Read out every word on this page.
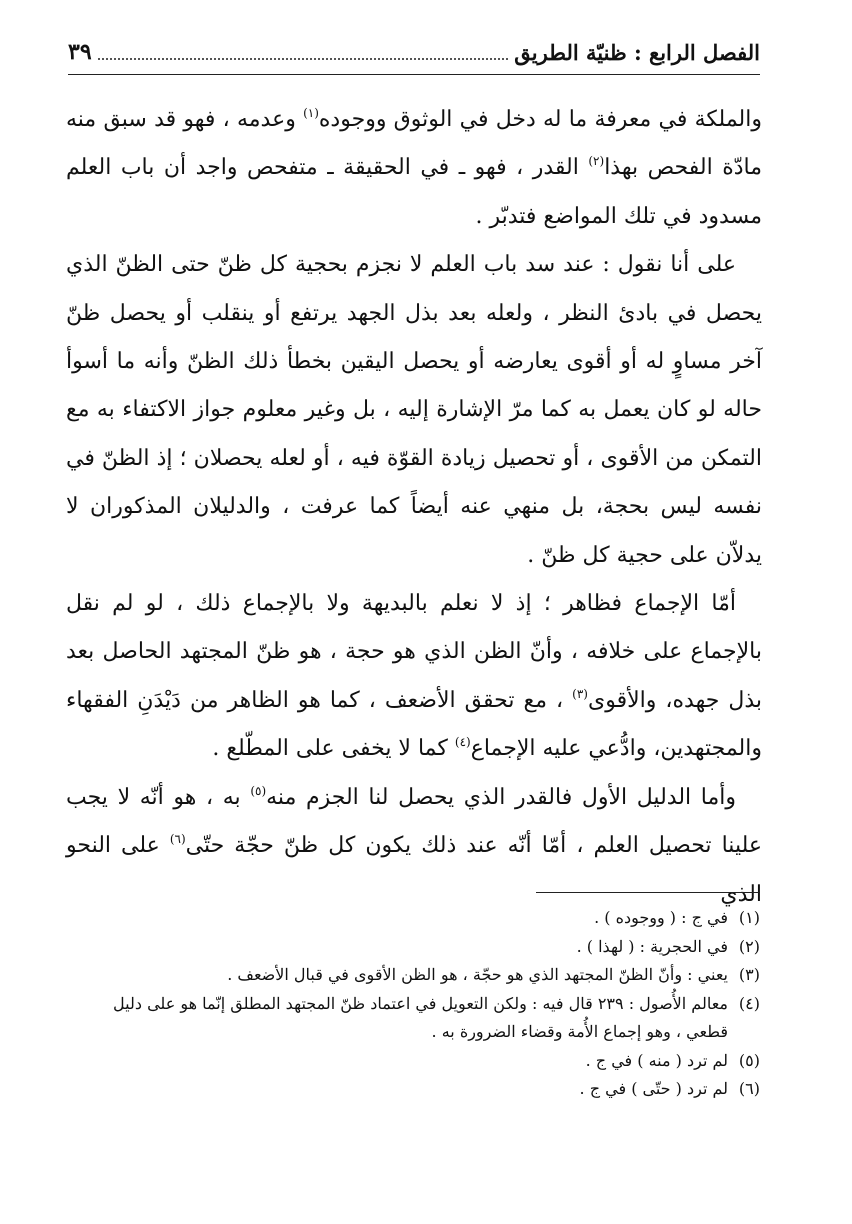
الفصل الرابع : ظنيّة الطريق
٣٩

والملكة في معرفة ما له دخل في الوثوق ووجوده$^{(١)}$ وعدمه ، فهو قد سبق منه مادّة الفحص بهذا$^{(٢)}$ القدر ، فهو ـ في الحقيقة ـ متفحص واجد أن باب العلم مسدود في تلك المواضع فتدبّر .

على أنا نقول : عند سد باب العلم لا نجزم بحجية كل ظنّ حتى الظنّ الذي يحصل في بادئ النظر ، ولعله بعد بذل الجهد يرتفع أو ينقلب أو يحصل ظنّ آخر مساوٍ له أو أقوى يعارضه أو يحصل اليقين بخطأ ذلك الظنّ وأنه ما أسوأ حاله لو كان يعمل به كما مرّ الإشارة إليه ، بل وغير معلوم جواز الاكتفاء به مع التمكن من الأقوى ، أو تحصيل زيادة القوّة فيه ، أو لعله يحصلان ؛ إذ الظنّ في نفسه ليس بحجة، بل منهي عنه أيضاً كما عرفت ، والدليلان المذكوران لا يدلاّن على حجية كل ظنّ .

أمّا الإجماع فظاهر ؛ إذ لا نعلم بالبديهة ولا بالإجماع ذلك ، لو لم نقل بالإجماع على خلافه ، وأنّ الظن الذي هو حجة ، هو ظنّ المجتهد الحاصل بعد بذل جهده، والأقوى$^{(٣)}$ ، مع تحقق الأضعف ، كما هو الظاهر من دَيْدَنِ الفقهاء والمجتهدين، وادُّعي عليه الإجماع$^{(٤)}$ كما لا يخفى على المطّلع .

وأما الدليل الأول فالقدر الذي يحصل لنا الجزم منه$^{(٥)}$ به ، هو أنّه لا يجب علينا تحصيل العلم ، أمّا أنّه عند ذلك يكون كل ظنّ حجّة حتّى$^{(٦)}$ على النحو الذي

(١)
في ج : ( ووجوده ) .
(٢)
في الحجرية : ( لهذا ) .
(٣)
يعني : وأنّ الظنّ المجتهد الذي هو حجّة ، هو الظن الأقوى في قبال الأضعف .
(٤)
معالم الأُصول : ٢٣٩ قال فيه : ولكن التعويل في اعتماد ظنّ المجتهد المطلق إنّما هو على دليل قطعي ، وهو إجماع الأُمة وقضاء الضرورة به .
(٥)
لم ترد ( منه ) في ج .
(٦)
لم ترد ( حتّى ) في ج .
